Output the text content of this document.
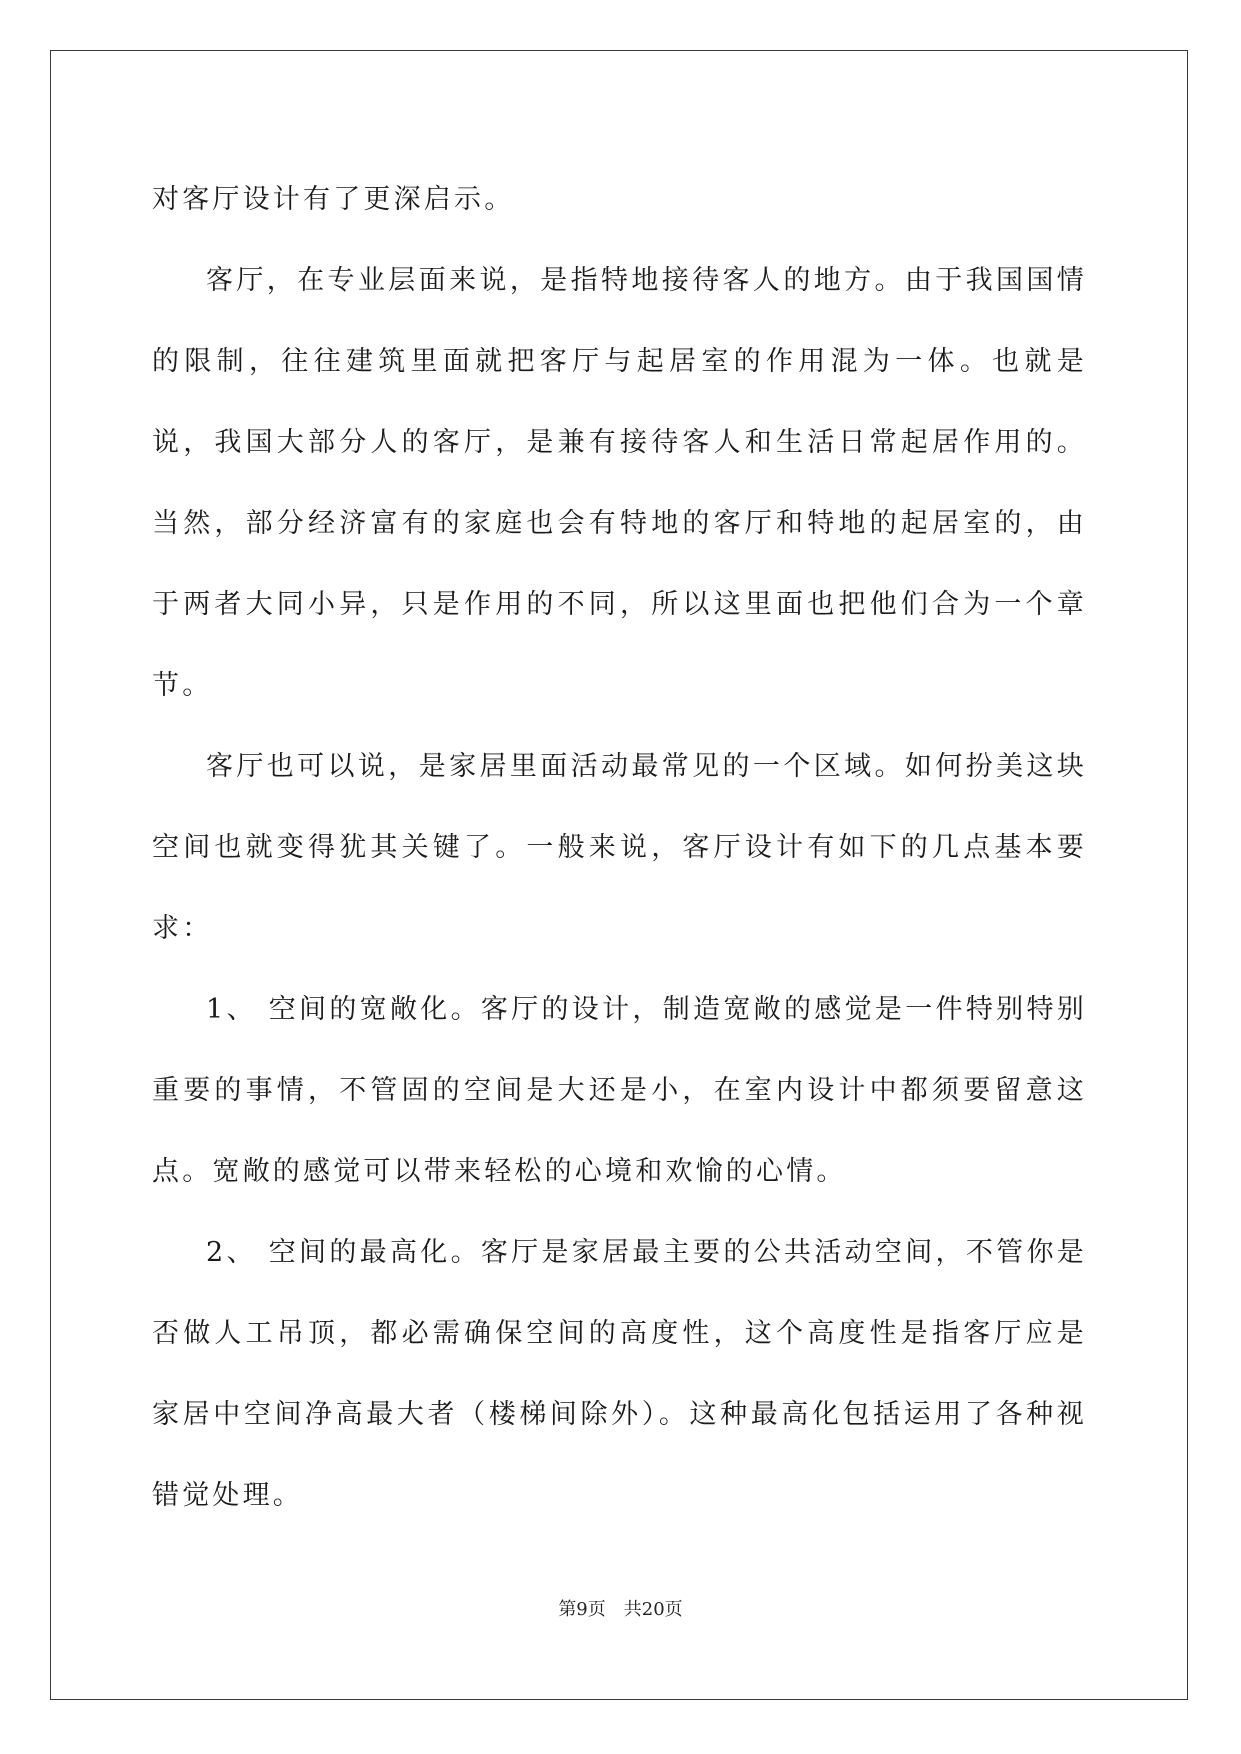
对客厅设计有了更深启示。

客厅，在专业层面来说，是指特地接待客人的地方。由于我国国情的限制，往往建筑里面就把客厅与起居室的作用混为一体。也就是说，我国大部分人的客厅，是兼有接待客人和生活日常起居作用的。当然，部分经济富有的家庭也会有特地的客厅和特地的起居室的，由于两者大同小异，只是作用的不同，所以这里面也把他们合为一个章节。

客厅也可以说，是家居里面活动最常见的一个区域。如何扮美这块空间也就变得犹其关键了。一般来说，客厅设计有如下的几点基本要求：

1、 空间的宽敞化。客厅的设计，制造宽敞的感觉是一件特别特别重要的事情，不管固的空间是大还是小，在室内设计中都须要留意这点。宽敞的感觉可以带来轻松的心境和欢愉的心情。

2、 空间的最高化。客厅是家居最主要的公共活动空间，不管你是否做人工吊顶，都必需确保空间的高度性，这个高度性是指客厅应是家居中空间净高最大者（楼梯间除外）。这种最高化包括运用了各种视错觉处理。

第9页 共20页
